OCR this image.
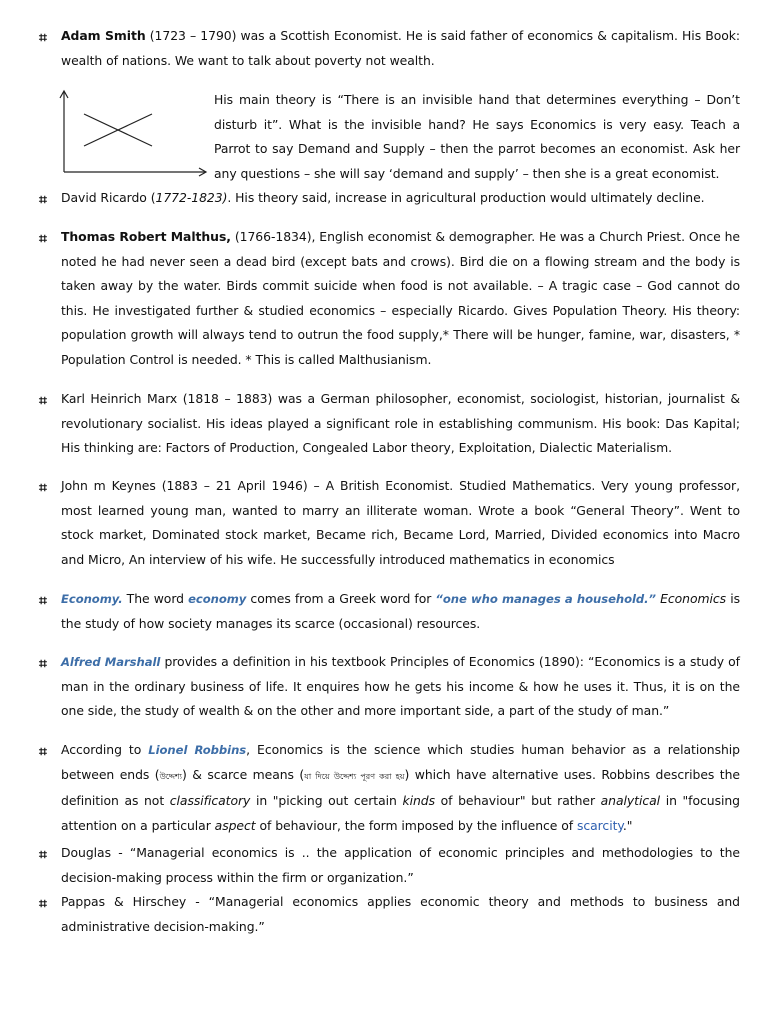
⌗ Adam Smith (1723 – 1790) was a Scottish Economist. He is said father of economics & capitalism. His Book: wealth of nations. We want to talk about poverty not wealth.
His main theory is “There is an invisible hand that determines everything – Don’t disturb it”. What is the invisible hand? He says Economics is very easy. Teach a Parrot to say Demand and Supply – then the parrot becomes an economist. Ask her any questions – she will say ‘demand and supply’ – then she is a great economist.
⌗ David Ricardo (1772-1823). His theory said, increase in agricultural production would ultimately decline.
⌗ Thomas Robert Malthus, (1766-1834), English economist & demographer. He was a Church Priest. Once he noted he had never seen a dead bird (except bats and crows). Bird die on a flowing stream and the body is taken away by the water. Birds commit suicide when food is not available. – A tragic case – God cannot do this. He investigated further & studied economics – especially Ricardo. Gives Population Theory. His theory: population growth will always tend to outrun the food supply,* There will be hunger, famine, war, disasters, * Population Control is needed. * This is called Malthusianism.
⌗ Karl Heinrich Marx (1818 – 1883) was a German philosopher, economist, sociologist, historian, journalist & revolutionary socialist. His ideas played a significant role in establishing communism. His book: Das Kapital; His thinking are: Factors of Production, Congealed Labor theory, Exploitation, Dialectic Materialism.
⌗ John m Keynes (1883 – 21 April 1946) – A British Economist. Studied Mathematics. Very young professor, most learned young man, wanted to marry an illiterate woman. Wrote a book “General Theory”. Went to stock market, Dominated stock market, Became rich, Became Lord, Married, Divided economics into Macro and Micro, An interview of his wife. He successfully introduced mathematics in economics
⌗ Economy. The word economy comes from a Greek word for “one who manages a household.” Economics is the study of how society manages its scarce (occasional) resources.
⌗ Alfred Marshall provides a definition in his textbook Principles of Economics (1890): “Economics is a study of man in the ordinary business of life. It enquires how he gets his income & how he uses it. Thus, it is on the one side, the study of wealth & on the other and more important side, a part of the study of man.”
⌗ According to Lionel Robbins, Economics is the science which studies human behavior as a relationship between ends (উদ্দেশ্য) & scarce means (যা দিয়ে উদ্দেশ্য পূরণ করা হয়) which have alternative uses. Robbins describes the definition as not classificatory in "picking out certain kinds of behaviour" but rather analytical in "focusing attention on a particular aspect of behaviour, the form imposed by the influence of scarcity."
⌗ Douglas - “Managerial economics is .. the application of economic principles and methodologies to the decision-making process within the firm or organization.”
⌗ Pappas & Hirschey - “Managerial economics applies economic theory and methods to business and administrative decision-making.”
